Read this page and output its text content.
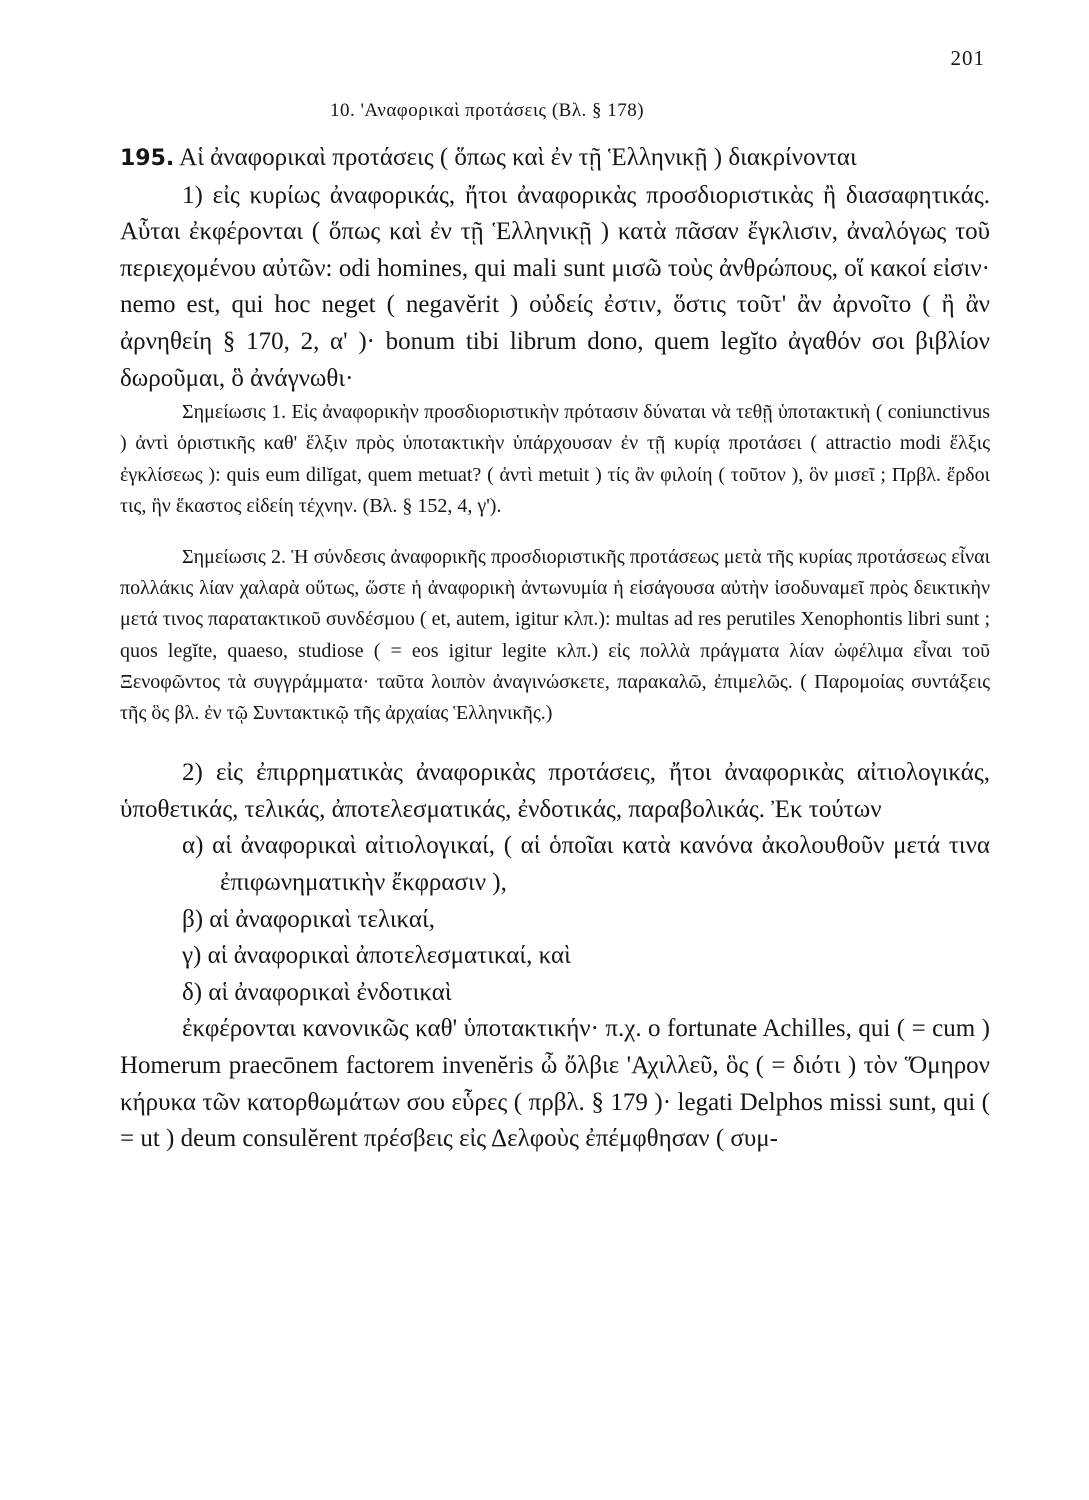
201
10. 'Αναφορικαὶ προτάσεις (Βλ. § 178)

195. Αἱ ἀναφορικαὶ προτάσεις ( ὅπως καὶ ἐν τῇ Ἑλληνικῇ ) διακρίνονται

1) εἰς κυρίως ἀναφορικάς, ἤτοι ἀναφορικὰς προσδιοριστικὰς ἢ διασαφητικάς. Αὗται ἐκφέρονται ( ὅπως καὶ ἐν τῇ Ἑλληνικῇ ) κατὰ πᾶσαν ἔγκλισιν, ἀναλόγως τοῦ περιεχομένου αὐτῶν: odi homines, qui mali sunt μισῶ τοὺς ἀνθρώπους, οἵ κακοί εἰσιν· nemo est, qui hoc neget ( negavĕrit ) οὐδείς ἐστιν, ὅστις τοῦτ' ἂν ἀρνοῖτο ( ἢ ἂν ἀρνηθείη § 170, 2, α' )· bonum tibi librum dono, quem legĭto ἀγαθόν σοι βιβλίον δωροῦμαι, ὃ ἀνάγνωθι·

Σημείωσις 1. Εἰς ἀναφορικὴν προσδιοριστικὴν πρότασιν δύναται νὰ τεθῇ ὑποτακτικὴ ( coniunctivus ) ἀντὶ ὁριστικῆς καθ' ἕλξιν πρὸς ὑποτακτικὴν ὑπάρχουσαν ἐν τῇ κυρίᾳ προτάσει ( attractio modi ἕλξις ἐγκλίσεως ): quis eum dilĭgat, quem metuat? ( ἀντὶ metuit ) τίς ἂν φιλοίη ( τοῦτον ), ὃν μισεῖ ; Πρβλ. ἔρδοι τις, ἣν ἕκαστος εἰδείη τέχνην. (Βλ. § 152, 4, γ').

Σημείωσις 2. Ἡ σύνδεσις ἀναφορικῆς προσδιοριστικῆς προτάσεως μετὰ τῆς κυρίας προτάσεως εἶναι πολλάκις λίαν χαλαρὰ οὕτως, ὥστε ἡ ἀναφορικὴ ἀντωνυμία ἡ εἰσάγουσα αὐτὴν ἰσοδυναμεῖ πρὸς δεικτικὴν μετά τινος παρατακτικοῦ συνδέσμου ( et, autem, igitur κλπ.): multas ad res perutiles Xenophontis libri sunt ; quos legĭte, quaeso, studiose ( = eos igitur legite κλπ.) εἰς πολλὰ πράγματα λίαν ὠφέλιμα εἶναι τοῦ Ξενοφῶντος τὰ συγγράμματα· ταῦτα λοιπὸν ἀναγινώσκετε, παρακαλῶ, ἐπιμελῶς. ( Παρομοίας συντάξεις τῆς ὃς βλ. ἐν τῷ Συντακτικῷ τῆς ἀρχαίας Ἑλληνικῆς.)

2) εἰς ἐπιρρηματικὰς ἀναφορικὰς προτάσεις, ἤτοι ἀναφορικὰς αἰτιολογικάς, ὑποθετικάς, τελικάς, ἀποτελεσματικάς, ἐνδοτικάς, παραβολικάς. Ἐκ τούτων

α) αἱ ἀναφορικαὶ αἰτιολογικαί, ( αἱ ὁποῖαι κατὰ κανόνα ἀκολουθοῦν μετά τινα ἐπιφωνηματικὴν ἔκφρασιν ),

β) αἱ ἀναφορικαὶ τελικαί,

γ) αἱ ἀναφορικαὶ ἀποτελεσματικαί, καὶ

δ) αἱ ἀναφορικαὶ ἐνδοτικαὶ

ἐκφέρονται κανονικῶς καθ' ὑποτακτικήν· π.χ. o fortunate Achilles, qui ( = cum ) Homerum praecōnem factorem invenĕris ὦ ὄλβιε 'Αχιλλεῦ, ὃς ( = διότι ) τὸν Ὅμηρον κήρυκα τῶν κατορθωμάτων σου εὗρες ( πρβλ. § 179 )· legati Delphos missi sunt, qui ( = ut ) deum consulĕrent πρέσβεις εἰς Δελφοὺς ἐπέμφθησαν ( συμ-
